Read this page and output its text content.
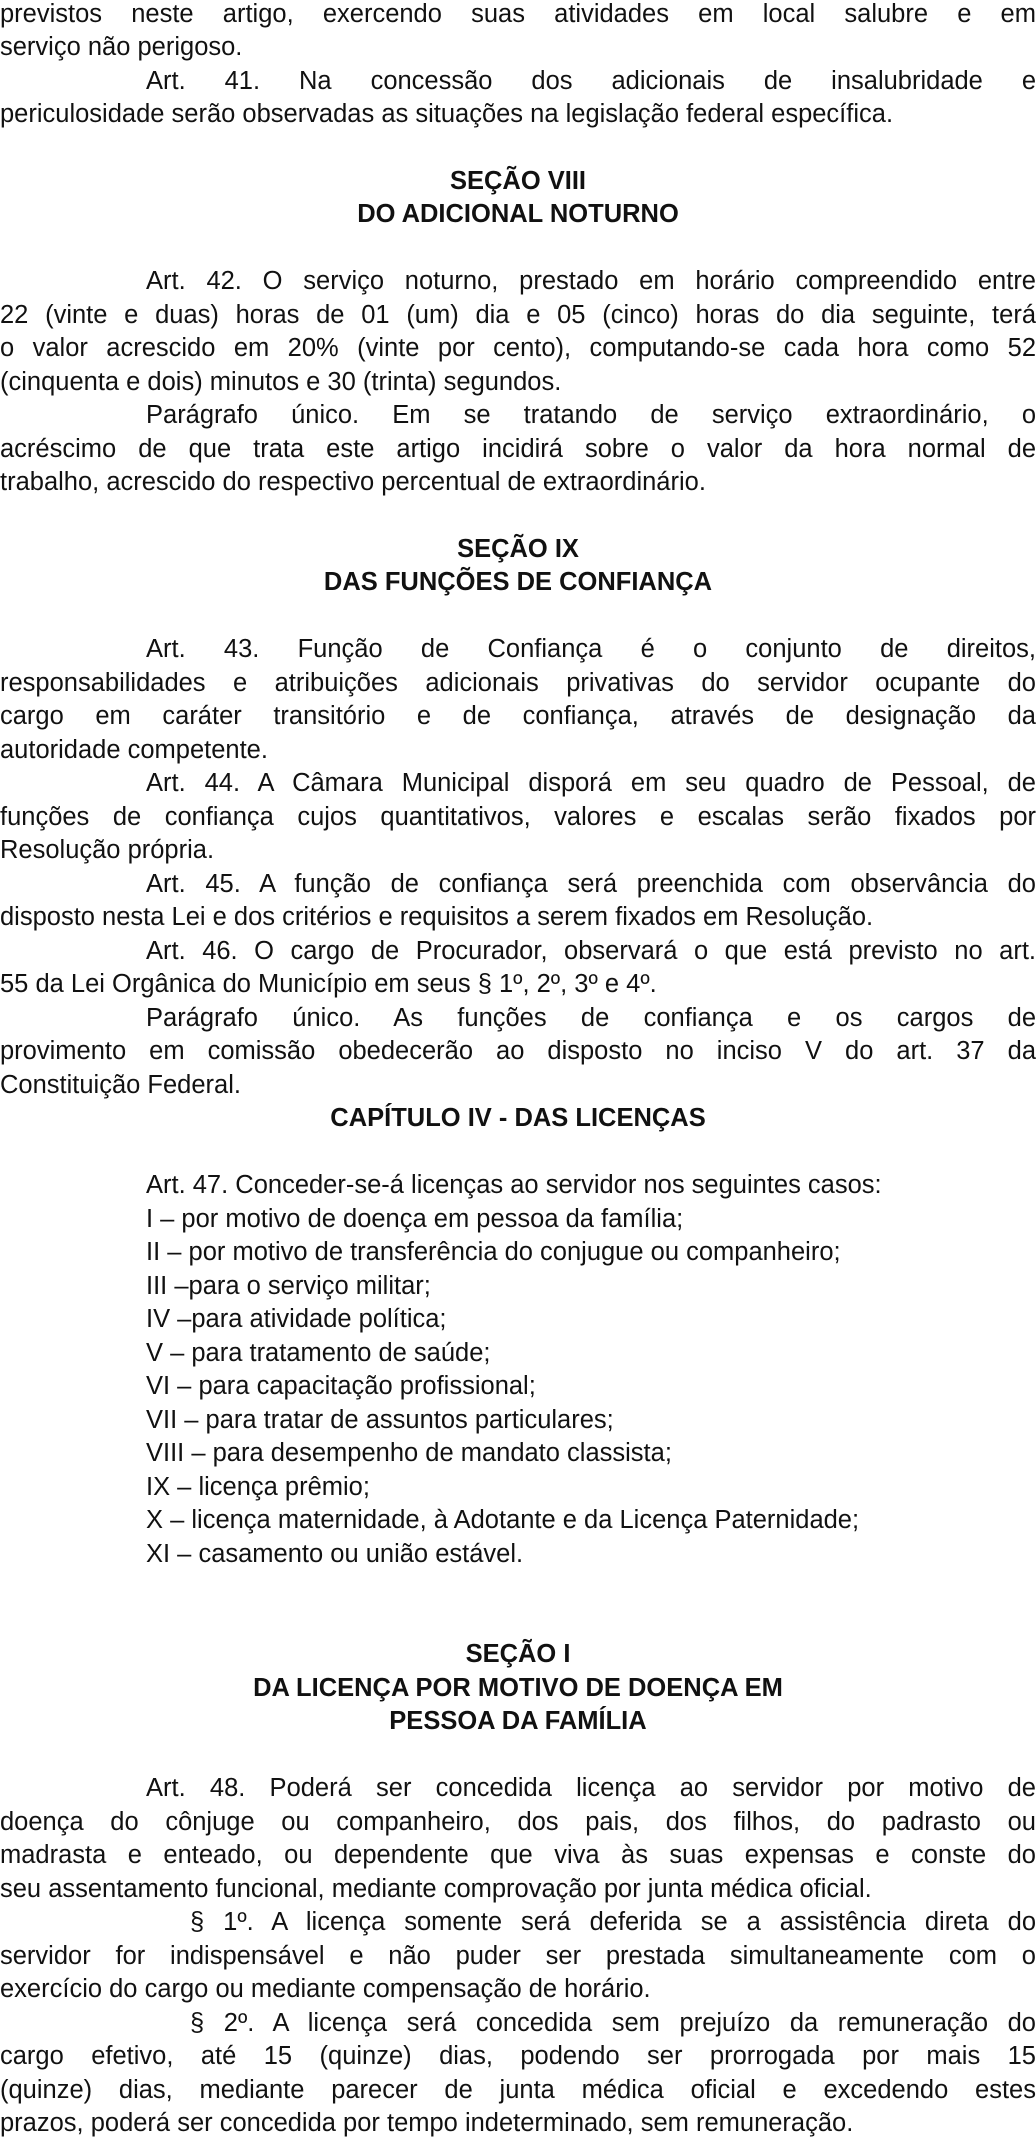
previstos neste artigo, exercendo suas atividades em local salubre e em
serviço não perigoso.
Art. 41. Na concessão dos adicionais de insalubridade e
periculosidade serão observadas as situações na legislação federal específica.
SEÇÃO VIII
DO ADICIONAL NOTURNO
Art. 42. O serviço noturno, prestado em horário compreendido entre
22 (vinte e duas) horas de 01 (um) dia e 05 (cinco) horas do dia seguinte, terá
o valor acrescido em 20% (vinte por cento), computando-se cada hora como 52
(cinquenta e dois) minutos e 30 (trinta) segundos.
Parágrafo único. Em se tratando de serviço extraordinário, o
acréscimo de que trata este artigo incidirá sobre o valor da hora normal de
trabalho, acrescido do respectivo percentual de extraordinário.
SEÇÃO IX
DAS FUNÇÕES DE CONFIANÇA
Art. 43. Função de Confiança é o conjunto de direitos,
responsabilidades e atribuições adicionais privativas do servidor ocupante do
cargo em caráter transitório e de confiança, através de designação da
autoridade competente.
Art. 44. A Câmara Municipal disporá em seu quadro de Pessoal, de
funções de confiança cujos quantitativos, valores e escalas serão fixados por
Resolução própria.
Art. 45. A função de confiança será preenchida com observância do
disposto nesta Lei e dos critérios e requisitos a serem fixados em Resolução.
Art. 46. O cargo de Procurador, observará o que está previsto no art.
55 da Lei Orgânica do Município em seus § 1º, 2º, 3º e 4º.
Parágrafo único. As funções de confiança e os cargos de
provimento em comissão obedecerão ao disposto no inciso V do art. 37 da
Constituição Federal.
CAPÍTULO IV - DAS LICENÇAS
Art. 47. Conceder-se-á licenças ao servidor nos seguintes casos:
I – por motivo de doença em pessoa da família;
II – por motivo de transferência do conjugue ou companheiro;
III –para o serviço militar;
IV –para atividade política;
V – para tratamento de saúde;
VI – para capacitação profissional;
VII – para tratar de assuntos particulares;
VIII – para desempenho de mandato classista;
IX – licença prêmio;
X – licença maternidade, à Adotante e da Licença Paternidade;
XI – casamento ou união estável.
SEÇÃO I
DA LICENÇA POR MOTIVO DE DOENÇA EM
PESSOA DA FAMÍLIA
Art. 48. Poderá ser concedida licença ao servidor por motivo de
doença do cônjuge ou companheiro, dos pais, dos filhos, do padrasto ou
madrasta e enteado, ou dependente que viva às suas expensas e conste do
seu assentamento funcional, mediante comprovação por junta médica oficial.
§ 1º. A licença somente será deferida se a assistência direta do
servidor for indispensável e não puder ser prestada simultaneamente com o
exercício do cargo ou mediante compensação de horário.
§ 2º. A licença será concedida sem prejuízo da remuneração do
cargo efetivo, até 15 (quinze) dias, podendo ser prorrogada por mais 15
(quinze) dias, mediante parecer de junta médica oficial e excedendo estes
prazos, poderá ser concedida por tempo indeterminado, sem remuneração.
